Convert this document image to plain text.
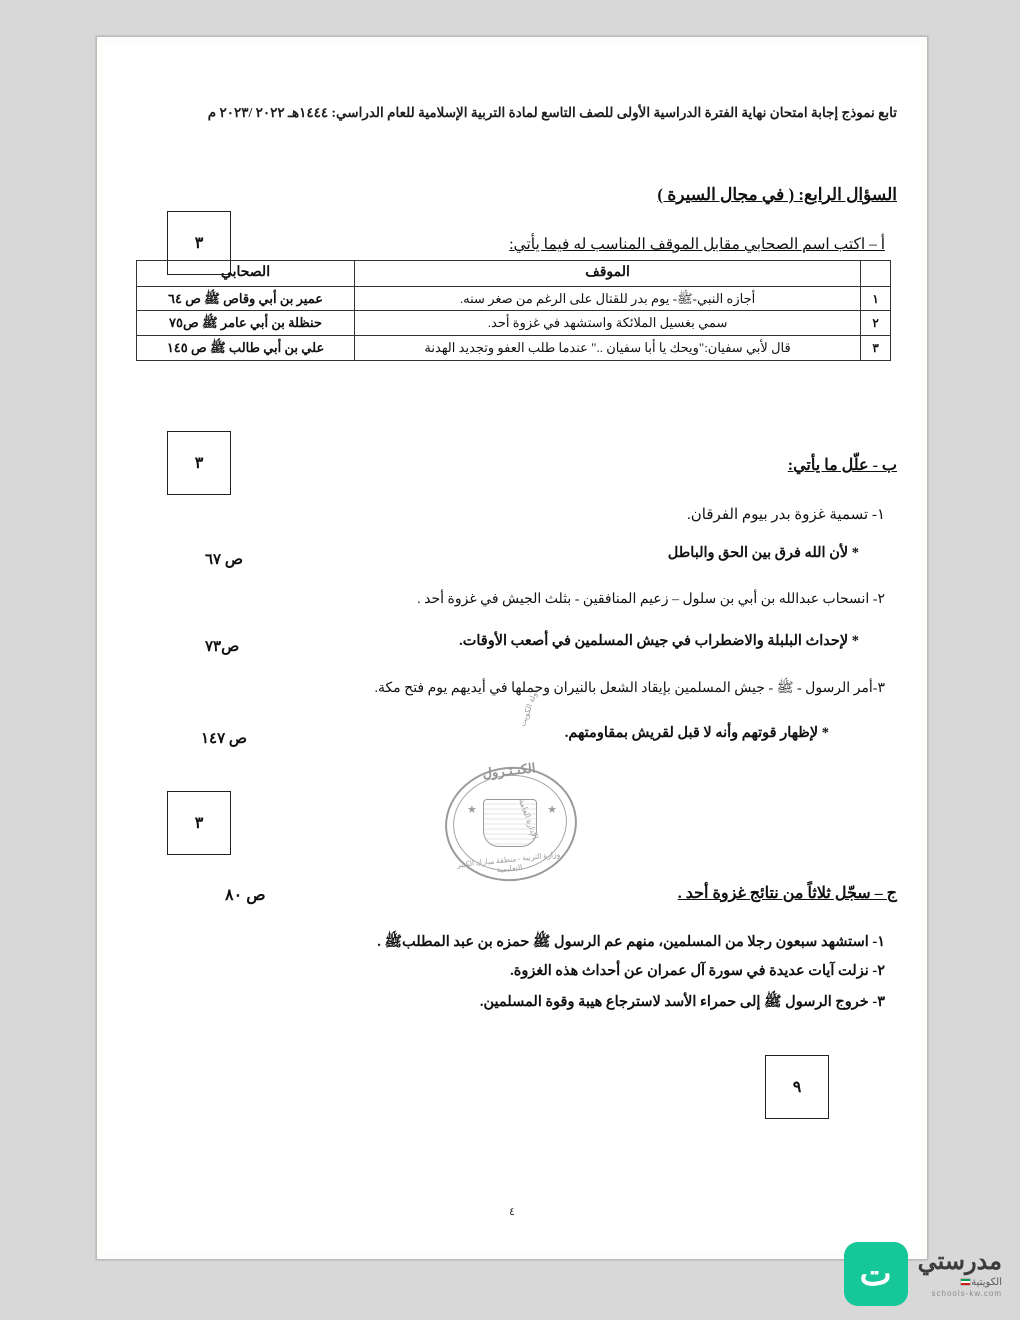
تابع نموذج إجابة امتحان نهاية الفترة الدراسية الأولى للصف التاسع لمادة التربية الإسلامية للعام الدراسي: ١٤٤٤هـ ٢٠٢٢ /٢٠٢٣ م
السؤال الرابع: ( في مجال السيرة )
أ – اكتب اسم الصحابي مقابل الموقف المناسب له فيما يأتي:
٣
	الموقف	الصحابي
١	أجازه النبي-ﷺ- يوم بدر للقتال على الرغم من صغر سنه.	عمير بن أبي وقاص ﷺ ص ٦٤
٢	سمي بغسيل الملائكة واستشهد في غزوة أحد.	حنظلة بن أبي عامر ﷺ ص٧٥
٣	قال لأبي سفيان:"ويحك يا أبا سفيان .." عندما طلب العفو وتجديد الهدنة	علي بن أبي طالب ﷺ ص ١٤٥
٣	ب - علّل ما يأتي:
١- تسمية غزوة بدر بيوم الفرقان.
* لأن الله فرق بين الحق والباطل
ص ٦٧
٢- انسحاب عبدالله بن أبي بن سلول – زعيم المنافقين - بثلث الجيش في غزوة أحد .
* لإحداث البلبلة والاضطراب في جيش المسلمين في أصعب الأوقات.
ص٧٣
٣-أمر الرسول - ﷺ - جيش المسلمين بإيقاد الشعل بالنيران وحملها في أيديهم يوم فتح مكة.
* لإظهار قوتهم وأنه لا قبل لقريش بمقاومتهم.
ص ١٤٧
الكنـتـرول
★	★
دولة الكويت
الإدارة العامة
وزارة التربية - منطقة مبارك الكبير التعليمية
٣
ج – سجّل ثلاثاً من نتائج غزوة أحد .
ص ٨٠
١- استشهد سبعون رجلا من المسلمين، منهم عم الرسول ﷺ حمزه بن عبد المطلبﷺ .
٢- نزلت آيات عديدة في سورة آل عمران عن أحداث هذه الغزوة.
٣- خروج الرسول ﷺ إلى حمراء الأسد لاسترجاع هيبة وقوة المسلمين.
٩
٤
مدرستي
الكويتية
schools-kw.com
ت
